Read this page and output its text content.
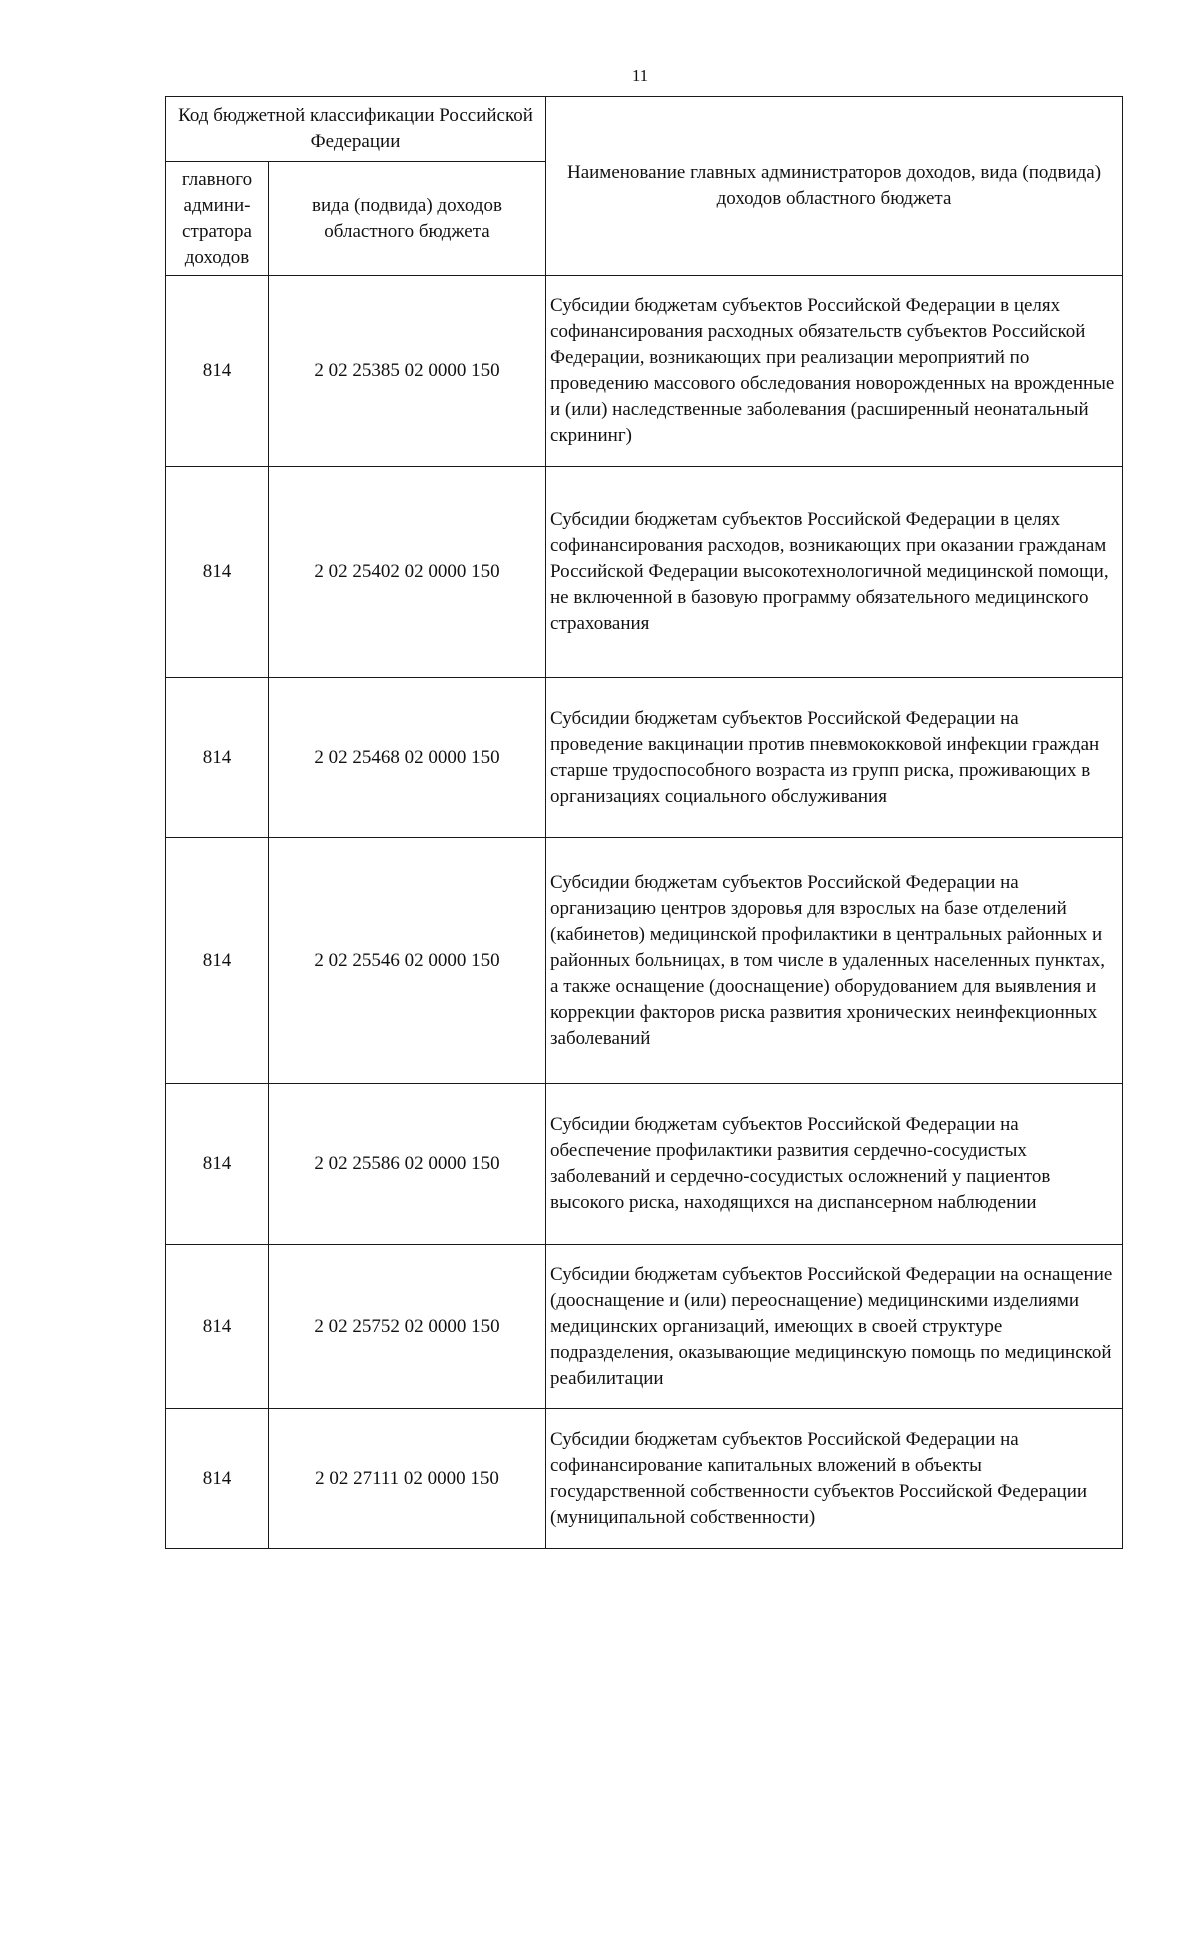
11
Код бюджетной классификации Российской Федерации		Наименование главных администраторов доходов, вида (подвида) доходов областного бюджета
главного админи-стратора доходов	вида (подвида) доходов областного бюджета	
814	2 02 25385 02 0000 150	Субсидии бюджетам субъектов Российской Федерации в целях софинансирования расходных обязательств субъектов Российской Федерации, возникающих при реализации мероприятий по проведению массового обследования новорожденных на врожденные и (или) наследственные заболевания (расширенный неонатальный скрининг)
814	2 02 25402 02 0000 150	Субсидии бюджетам субъектов Российской Федерации в целях софинансирования расходов, возникающих при оказании гражданам Российской Федерации высокотехнологичной медицинской помощи, не включенной в базовую программу обязательного медицинского страхования
814	2 02 25468 02 0000 150	Субсидии бюджетам субъектов Российской Федерации на проведение вакцинации против пневмококковой инфекции граждан старше трудоспособного возраста из групп риска, проживающих в организациях социального обслуживания
814	2 02 25546 02 0000 150	Субсидии бюджетам субъектов Российской Федерации на организацию центров здоровья для взрослых на базе отделений (кабинетов) медицинской профилактики в центральных районных и районных больницах, в том числе в удаленных населенных пунктах, а также оснащение (дооснащение) оборудованием для выявления и коррекции факторов риска развития хронических неинфекционных заболеваний
814	2 02 25586 02 0000 150	Субсидии бюджетам субъектов Российской Федерации на обеспечение профилактики развития сердечно-сосудистых заболеваний и сердечно-сосудистых осложнений у пациентов высокого риска, находящихся на диспансерном наблюдении
814	2 02 25752 02 0000 150	Субсидии бюджетам субъектов Российской Федерации на оснащение (дооснащение и (или) переоснащение) медицинскими изделиями медицинских организаций, имеющих в своей структуре подразделения, оказывающие медицинскую помощь по медицинской реабилитации
814	2 02 27111 02 0000 150	Субсидии бюджетам субъектов Российской Федерации на софинансирование капитальных вложений в объекты государственной собственности субъектов Российской Федерации (муниципальной собственности)
